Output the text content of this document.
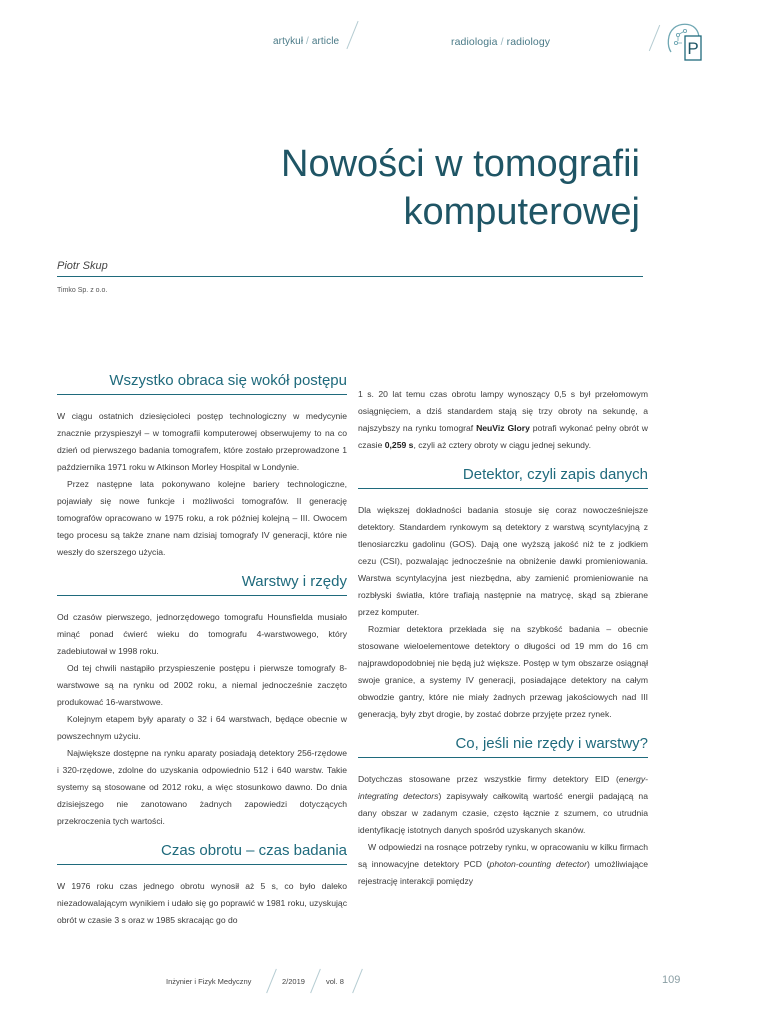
artykuł / article	radiologia / radiology	P
Nowości w tomografii
komputerowej
Piotr Skup
Timko Sp. z o.o.
Wszystko obraca się wokół postępu

W ciągu ostatnich dziesięcioleci postęp technologiczny w medycynie znacznie przyspieszył – w tomografii komputerowej obserwujemy to na co dzień od pierwszego badania tomografem, które zostało przeprowadzone 1 października 1971 roku w Atkinson Morley Hospital w Londynie.

Przez następne lata pokonywano kolejne bariery technologiczne, pojawiały się nowe funkcje i możliwości tomografów. II generację tomografów opracowano w 1975 roku, a rok później kolejną – III. Owocem tego procesu są także znane nam dzisiaj tomografy IV generacji, które nie weszły do szerszego użycia.

Warstwy i rzędy

Od czasów pierwszego, jednorzędowego tomografu Hounsfielda musiało minąć ponad ćwierć wieku do tomografu 4-warstwowego, który zadebiutował w 1998 roku.

Od tej chwili nastąpiło przyspieszenie postępu i pierwsze tomografy 8-warstwowe są na rynku od 2002 roku, a niemal jednocześnie zaczęto produkować 16-warstwowe.

Kolejnym etapem były aparaty o 32 i 64 warstwach, będące obecnie w powszechnym użyciu.

Największe dostępne na rynku aparaty posiadają detektory 256-rzędowe i 320-rzędowe, zdolne do uzyskania odpowiednio 512 i 640 warstw. Takie systemy są stosowane od 2012 roku, a więc stosunkowo dawno. Do dnia dzisiejszego nie zanotowano żadnych zapowiedzi dotyczących przekroczenia tych wartości.

Czas obrotu – czas badania

W 1976 roku czas jednego obrotu wynosił aż 5 s, co było daleko niezadowalającym wynikiem i udało się go poprawić w 1981 roku, uzyskując obrót w czasie 3 s oraz w 1985 skracając go do

1 s. 20 lat temu czas obrotu lampy wynoszący 0,5 s był przełomowym osiągnięciem, a dziś standardem stają się trzy obroty na sekundę, a najszybszy na rynku tomograf NeuViz Glory potrafi wykonać pełny obrót w czasie 0,259 s, czyli aż cztery obroty w ciągu jednej sekundy.

Detektor, czyli zapis danych

Dla większej dokładności badania stosuje się coraz nowocześniejsze detektory. Standardem rynkowym są detektory z warstwą scyntylacyjną z tlenosiarczku gadolinu (GOS). Dają one wyższą jakość niż te z jodkiem cezu (CSI), pozwalając jednocześnie na obniżenie dawki promieniowania. Warstwa scyntylacyjna jest niezbędna, aby zamienić promieniowanie na rozbłyski światła, które trafiają następnie na matrycę, skąd są zbierane przez komputer.

Rozmiar detektora przekłada się na szybkość badania – obecnie stosowane wieloelementowe detektory o długości od 19 mm do 16 cm najprawdopodobniej nie będą już większe. Postęp w tym obszarze osiągnął swoje granice, a systemy IV generacji, posiadające detektory na całym obwodzie gantry, które nie miały żadnych przewag jakościowych nad III generacją, były zbyt drogie, by zostać dobrze przyjęte przez rynek.

Co, jeśli nie rzędy i warstwy?

Dotychczas stosowane przez wszystkie firmy detektory EID (energy-integrating detectors) zapisywały całkowitą wartość energii padającą na dany obszar w zadanym czasie, często łącznie z szumem, co utrudnia identyfikację istotnych danych spośród uzyskanych skanów.

W odpowiedzi na rosnące potrzeby rynku, w opracowaniu w kilku firmach są innowacyjne detektory PCD (photon-counting detector) umożliwiające rejestrację interakcji pomiędzy

Inżynier i Fizyk Medyczny	2/2019	vol. 8	109
